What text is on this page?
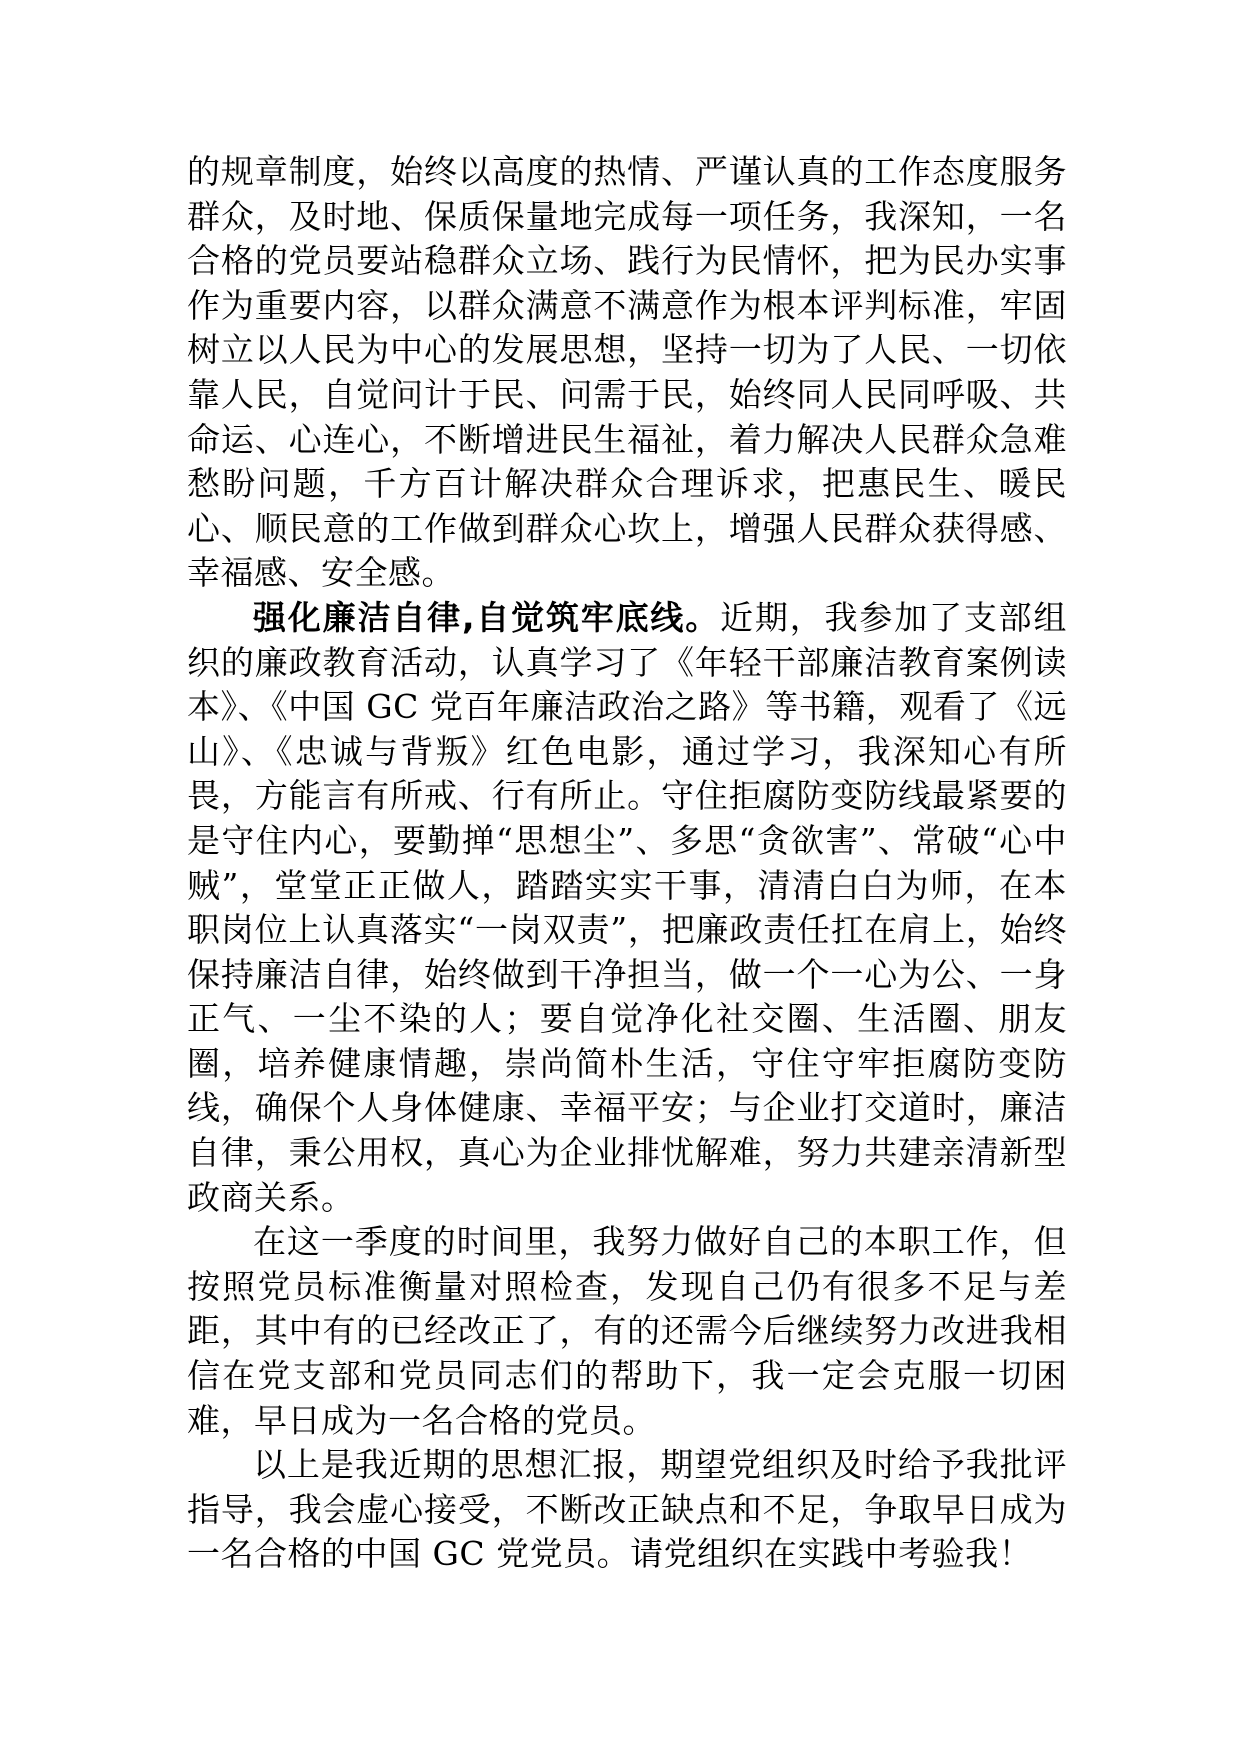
的规章制度，始终以高度的热情、严谨认真的工作态度服务群众，及时地、保质保量地完成每一项任务，我深知，一名合格的党员要站稳群众立场、践行为民情怀，把为民办实事作为重要内容，以群众满意不满意作为根本评判标准，牢固树立以人民为中心的发展思想，坚持一切为了人民、一切依靠人民，自觉问计于民、问需于民，始终同人民同呼吸、共命运、心连心，不断增进民生福祉，着力解决人民群众急难愁盼问题，千方百计解决群众合理诉求，把惠民生、暖民心、顺民意的工作做到群众心坎上，增强人民群众获得感、幸福感、安全感。

强化廉洁自律,自觉筑牢底线。近期，我参加了支部组织的廉政教育活动，认真学习了《年轻干部廉洁教育案例读本》、《中国 GC 党百年廉洁政治之路》等书籍，观看了《远山》、《忠诚与背叛》红色电影，通过学习，我深知心有所畏，方能言有所戒、行有所止。守住拒腐防变防线最紧要的是守住内心，要勤掸“思想尘”、多思“贪欲害”、常破“心中贼”，堂堂正正做人，踏踏实实干事，清清白白为师，在本职岗位上认真落实“一岗双责”，把廉政责任扛在肩上，始终保持廉洁自律，始终做到干净担当，做一个一心为公、一身正气、一尘不染的人；要自觉净化社交圈、生活圈、朋友圈，培养健康情趣，崇尚简朴生活，守住守牢拒腐防变防线，确保个人身体健康、幸福平安；与企业打交道时，廉洁自律，秉公用权，真心为企业排忧解难，努力共建亲清新型政商关系。

在这一季度的时间里，我努力做好自己的本职工作，但按照党员标准衡量对照检查，发现自己仍有很多不足与差距，其中有的已经改正了，有的还需今后继续努力改进我相信在党支部和党员同志们的帮助下，我一定会克服一切困难，早日成为一名合格的党员。

以上是我近期的思想汇报，期望党组织及时给予我批评指导，我会虚心接受，不断改正缺点和不足，争取早日成为一名合格的中国 GC 党党员。请党组织在实践中考验我！
